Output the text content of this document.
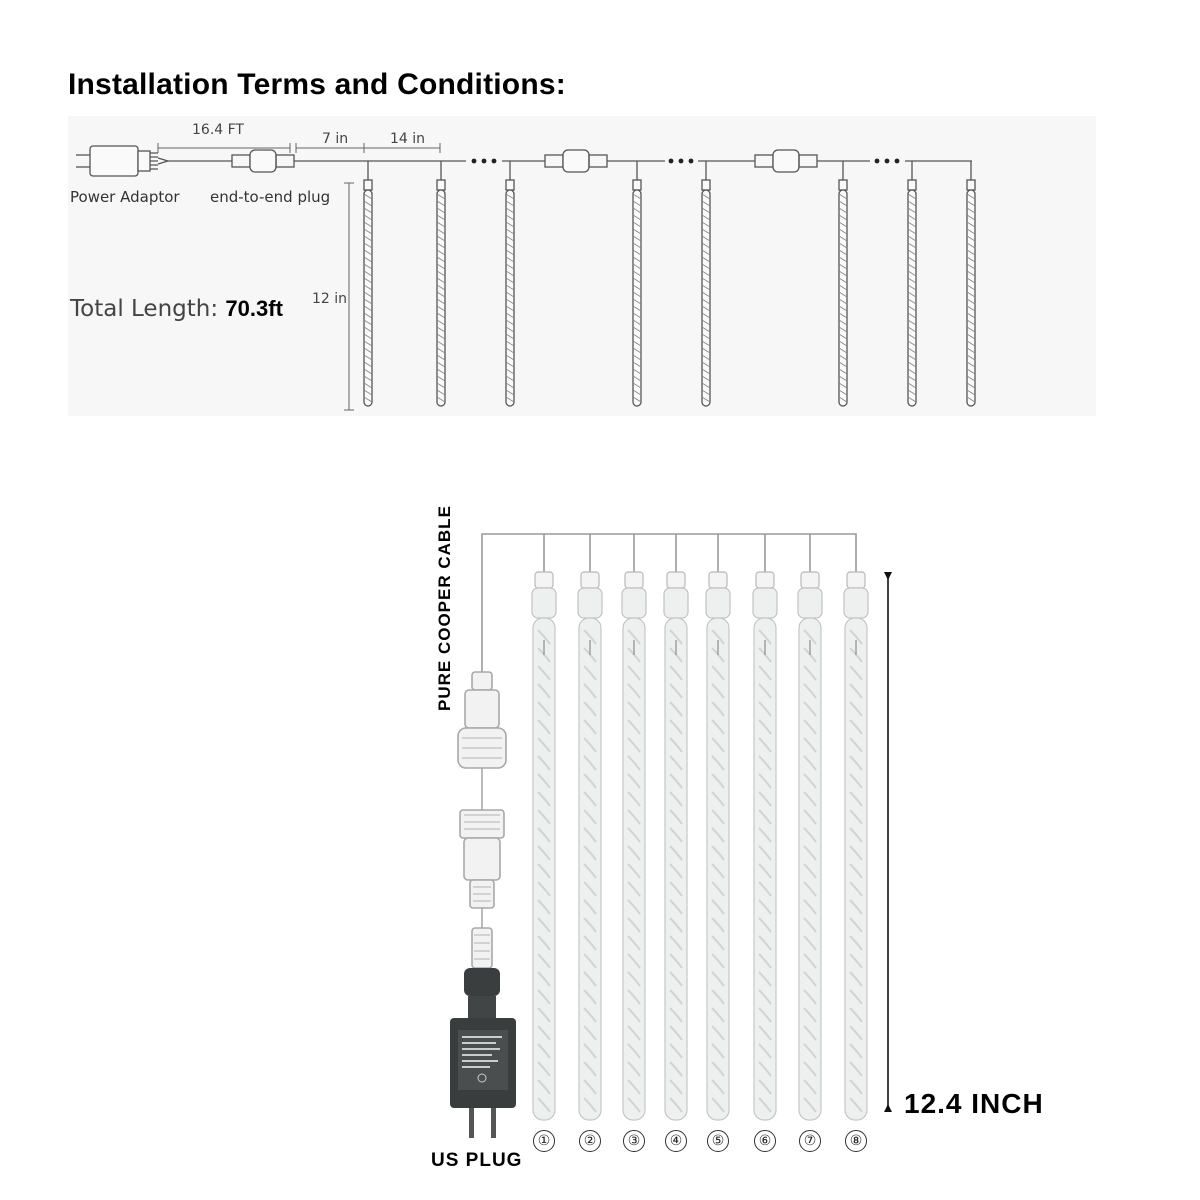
Installation Terms and Conditions:
16.4 FT
7 in	14 in
Power Adaptor end-to-end plug
12 in
Total Length: 70.3ft
PURE COOPER CABLE
US PLUG
12.4 INCH
①	②	③	④	⑤	⑥	⑦	⑧
